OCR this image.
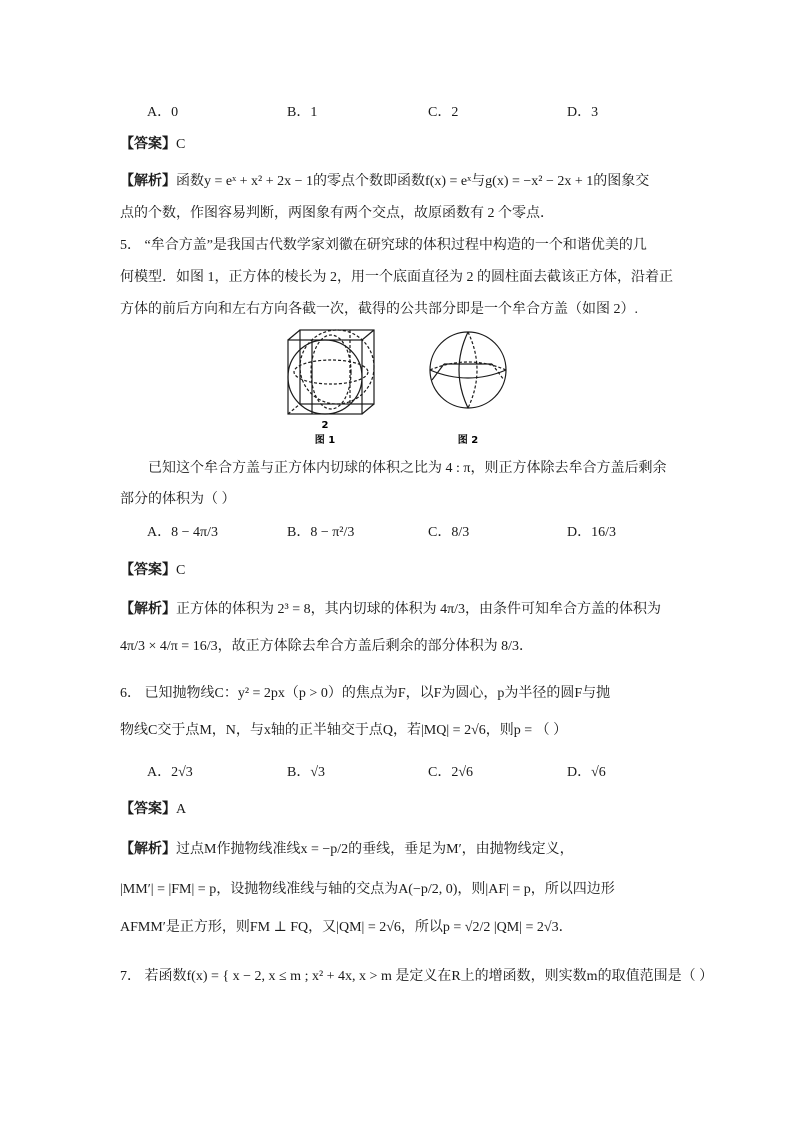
A．0	B．1	C．2	D．3
【答案】C
【解析】函数y = eˣ + x² + 2x − 1的零点个数即函数f(x) = eˣ与g(x) = −x² − 2x + 1的图象交
点的个数，作图容易判断，两图象有两个交点，故原函数有 2 个零点．
5． “牟合方盖”是我国古代数学家刘徽在研究球的体积过程中构造的一个和谐优美的几
何模型．如图 1，正方体的棱长为 2，用一个底面直径为 2 的圆柱面去截该正方体，沿着正
方体的前后方向和左右方向各截一次，截得的公共部分即是一个牟合方盖（如图 2）.
2
图 1	图 2
已知这个牟合方盖与正方体内切球的体积之比为 4 : π，则正方体除去牟合方盖后剩余
部分的体积为（ ）
A．8 − 4π/3	B．8 − π²/3	C．8/3	D．16/3
【答案】C
【解析】正方体的体积为 2³ = 8，其内切球的体积为 4π/3，由条件可知牟合方盖的体积为
4π/3 × 4/π = 16/3，故正方体除去牟合方盖后剩余的部分体积为 8/3．
6． 已知抛物线C：y² = 2px（p > 0）的焦点为F，以F为圆心，p为半径的圆F与抛
物线C交于点M，N，与x轴的正半轴交于点Q，若|MQ| = 2√6，则p = （ ）
A．2√3	B．√3	C．2√6	D．√6
【答案】A
【解析】过点M作抛物线准线x = −p/2的垂线，垂足为M′，由抛物线定义，
|MM′| = |FM| = p，设抛物线准线与轴的交点为A(−p/2, 0)，则|AF| = p，所以四边形
AFMM′是正方形，则FM ⊥ FQ，又|QM| = 2√6，所以p = √2/2 |QM| = 2√3．
7． 若函数f(x) = { x − 2, x ≤ m ; x² + 4x, x > m 是定义在R上的增函数，则实数m的取值范围是（ ）
